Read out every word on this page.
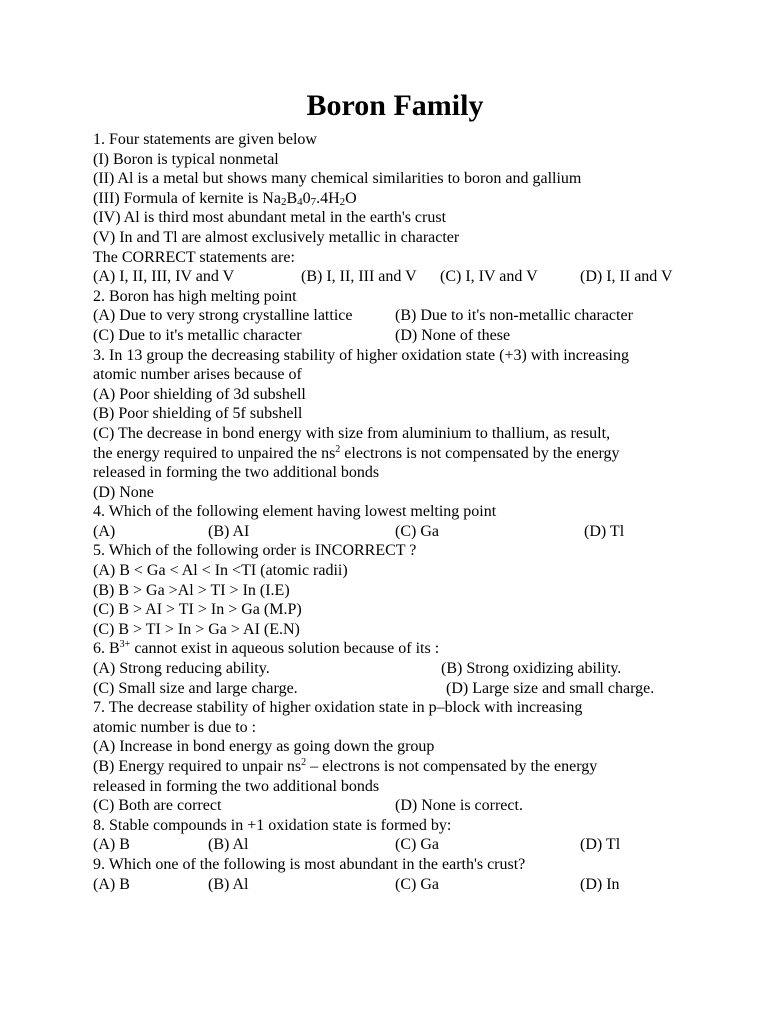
Boron Family
1. Four statements are given below
(I) Boron is typical nonmetal
(II) Al is a metal but shows many chemical similarities to boron and gallium
(III) Formula of kernite is $Na_2B_40_7.4H_2O$
(IV) Al is third most abundant metal in the earth's crust
(V) In and Tl are almost exclusively metallic in character
The CORRECT statements are:
(A) I, II, III, IV and V	(B) I, II, III and V (C) I, IV and V	(D) I, II and V
2. Boron has high melting point
(A) Due to very strong crystalline lattice	(B) Due to it's non-metallic character
(C) Due to it's metallic character	(D) None of these
3. In 13 group the decreasing stability of higher oxidation state (+3) with increasing
atomic number arises because of
(A) Poor shielding of 3d subshell
(B) Poor shielding of 5f subshell
(C) The decrease in bond energy with size from aluminium to thallium, as result,
the energy required to unpaired the $ns^2$ electrons is not compensated by the energy
released in forming the two additional bonds
(D) None
4. Which of the following element having lowest melting point
(A)	(B) AI	(C) Ga	(D) Tl
5. Which of the following order is INCORRECT ?
(A) B < Ga < Al < In <TI (atomic radii)
(B) B > Ga >Al > TI > In (I.E)
(C) B > AI > TI > In > Ga (M.P)
(C) B > TI > In > Ga > AI (E.N)
6. $B^{3+}$ cannot exist in aqueous solution because of its :
(A) Strong reducing ability.	(B) Strong oxidizing ability.
(C) Small size and large charge.	(D) Large size and small charge.
7. The decrease stability of higher oxidation state in p–block with increasing
atomic number is due to :
(A) Increase in bond energy as going down the group
(B) Energy required to unpair $ns^2$ – electrons is not compensated by the energy
released in forming the two additional bonds
(C) Both are correct	(D) None is correct.
8. Stable compounds in +1 oxidation state is formed by:
(A) B	(B) Al	(C) Ga	(D) Tl
9. Which one of the following is most abundant in the earth's crust?
(A) B	(B) Al	(C) Ga	(D) In
